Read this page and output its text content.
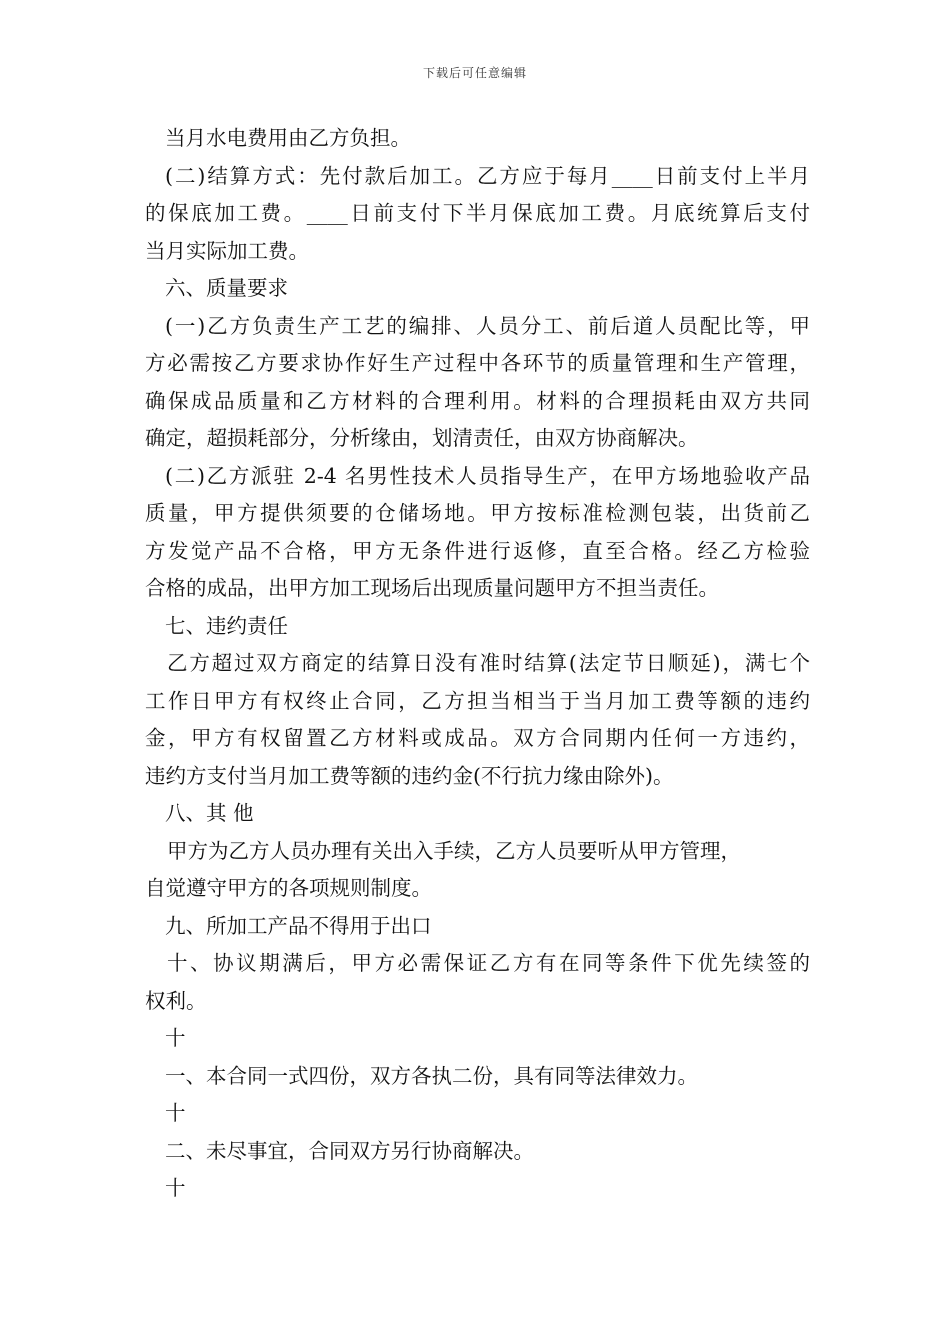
下载后可任意编辑
当月水电费用由乙方负担。
(二)结算方式：先付款后加工。乙方应于每月____日前支付上半月
的保底加工费。____日前支付下半月保底加工费。月底统算后支付
当月实际加工费。
六、质量要求
(一)乙方负责生产工艺的编排、人员分工、前后道人员配比等，甲
方必需按乙方要求协作好生产过程中各环节的质量管理和生产管理，
确保成品质量和乙方材料的合理利用。材料的合理损耗由双方共同
确定，超损耗部分，分析缘由，划清责任，由双方协商解决。
(二)乙方派驻 2-4 名男性技术人员指导生产，在甲方场地验收产品
质量，甲方提供须要的仓储场地。甲方按标准检测包装，出货前乙
方发觉产品不合格，甲方无条件进行返修，直至合格。经乙方检验
合格的成品，出甲方加工现场后出现质量问题甲方不担当责任。
七、违约责任
乙方超过双方商定的结算日没有准时结算(法定节日顺延)，满七个
工作日甲方有权终止合同，乙方担当相当于当月加工费等额的违约
金，甲方有权留置乙方材料或成品。双方合同期内任何一方违约，
违约方支付当月加工费等额的违约金(不行抗力缘由除外)。
八、其 他
甲方为乙方人员办理有关出入手续，乙方人员要听从甲方管理，
自觉遵守甲方的各项规则制度。
九、所加工产品不得用于出口
十、协议期满后，甲方必需保证乙方有在同等条件下优先续签的
权利。
十
一、本合同一式四份，双方各执二份，具有同等法律效力。
十
二、未尽事宜，合同双方另行协商解决。
十
